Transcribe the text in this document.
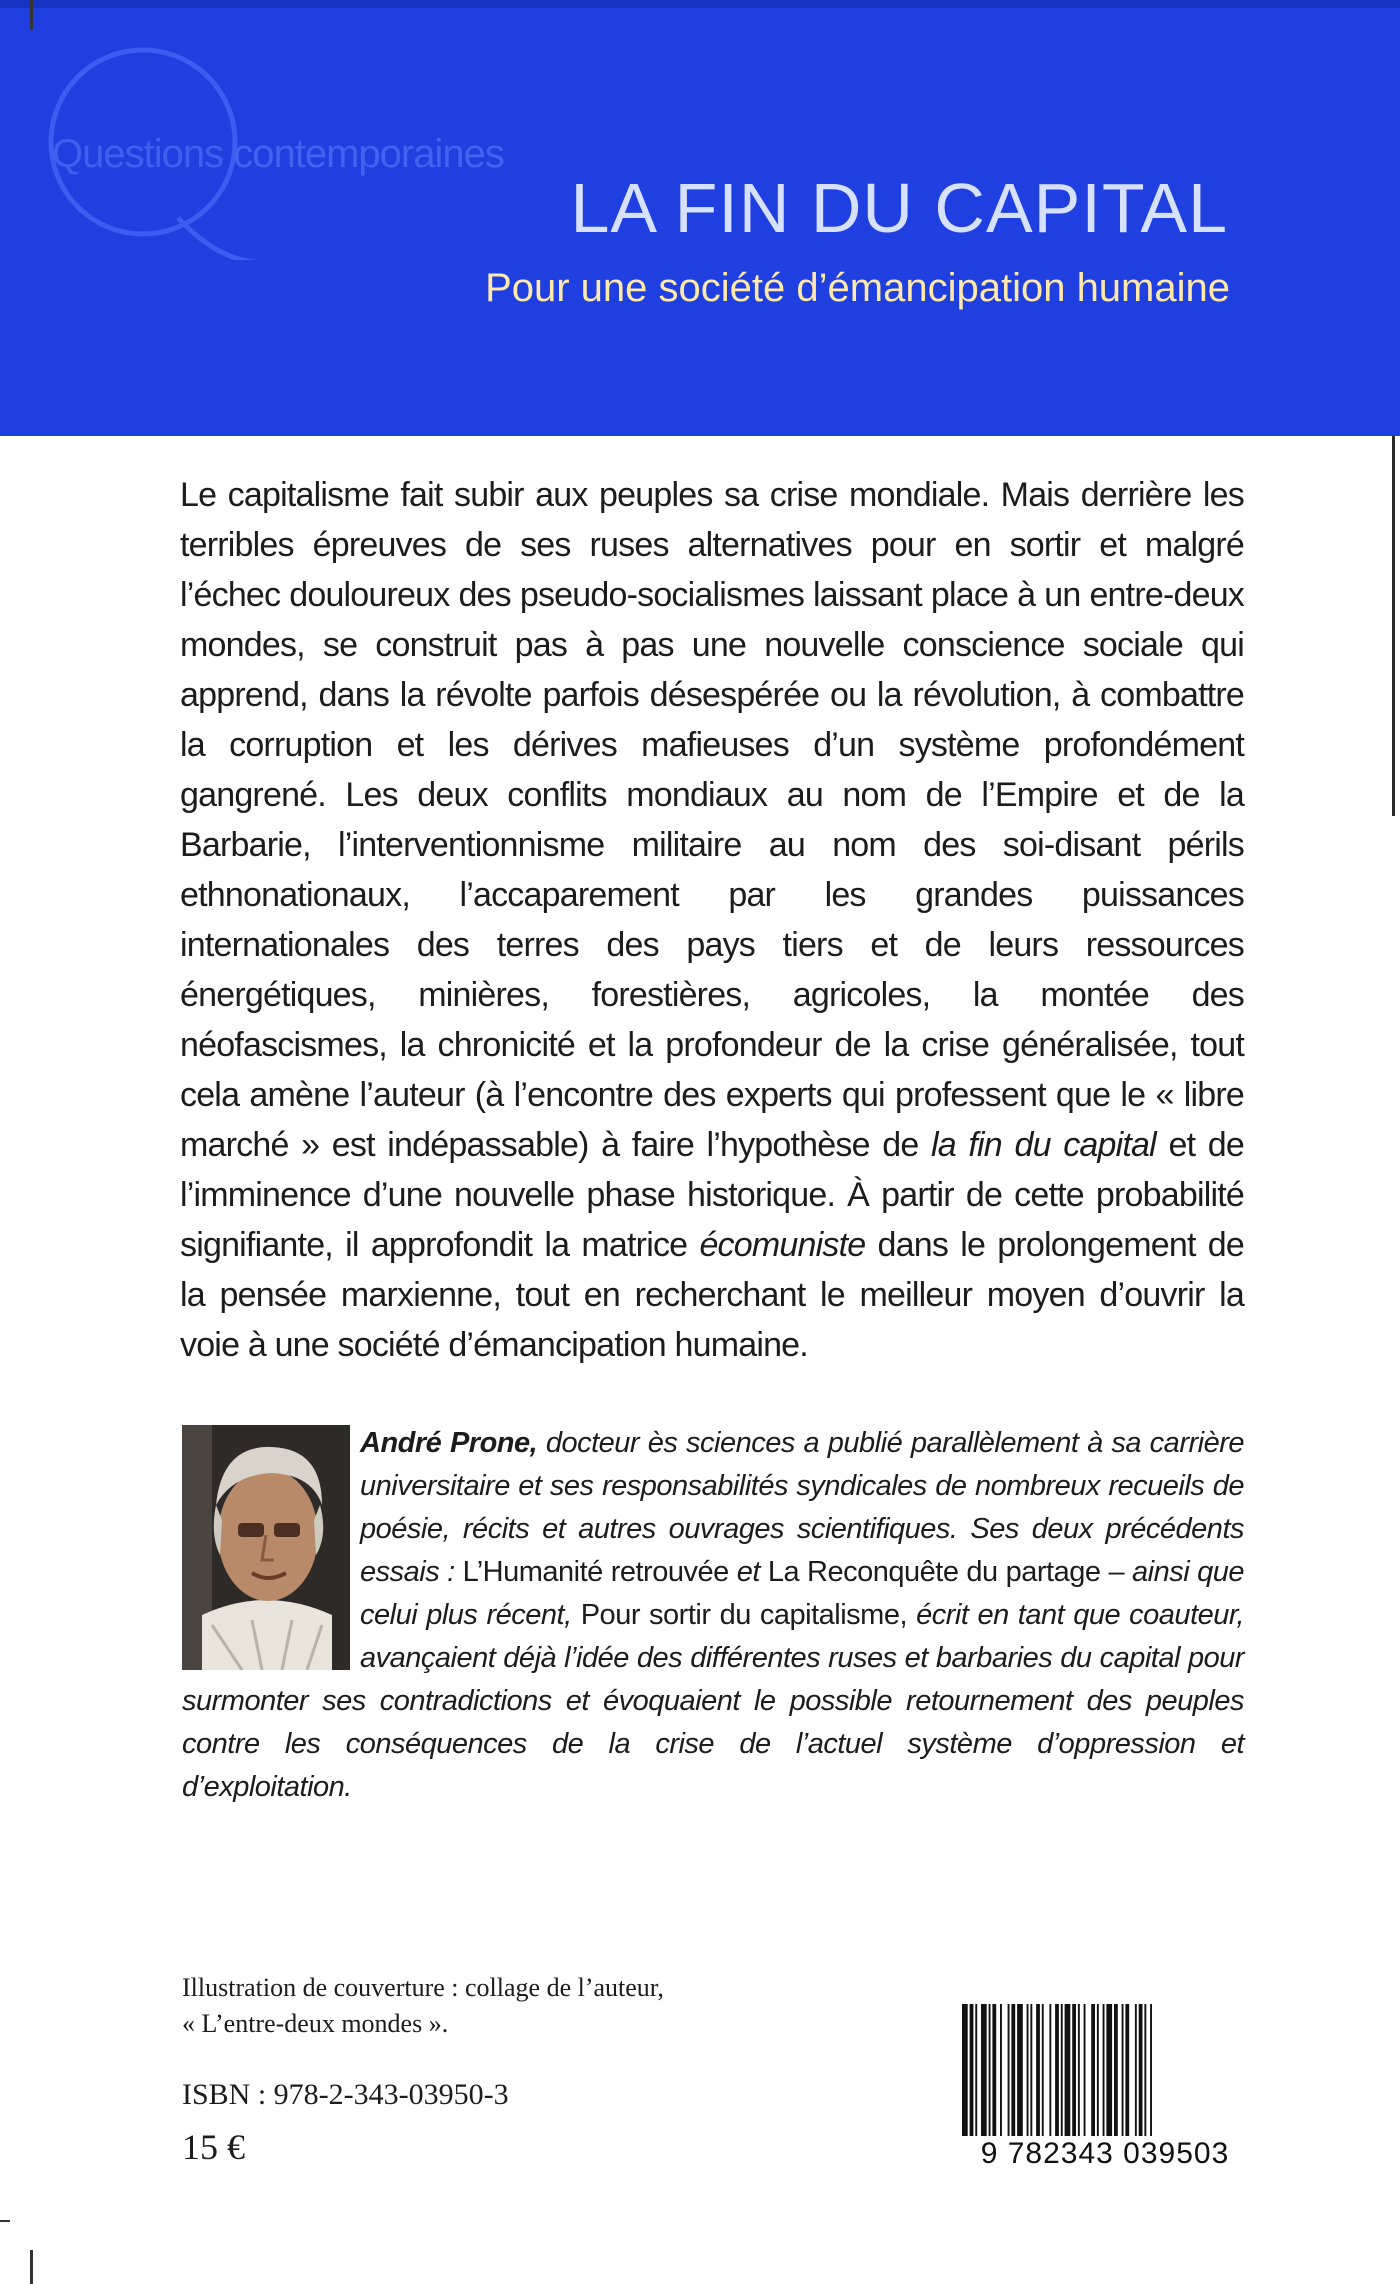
Questions contemporaines
LA FIN DU CAPITAL
Pour une société d’émancipation humaine

Le capitalisme fait subir aux peuples sa crise mondiale. Mais derrière les terribles épreuves de ses ruses alternatives pour en sortir et malgré l’échec douloureux des pseudo-socialismes laissant place à un entre-deux mondes, se construit pas à pas une nouvelle conscience sociale qui apprend, dans la révolte parfois désespérée ou la révolution, à combattre la corruption et les dérives mafieuses d’un système profondément gangrené. Les deux conflits mondiaux au nom de l’Empire et de la Barbarie, l’interventionnisme militaire au nom des soi-disant périls ethnonationaux, l’accaparement par les grandes puissances internationales des terres des pays tiers et de leurs ressources énergétiques, minières, forestières, agricoles, la montée des néofascismes, la chronicité et la profondeur de la crise généralisée, tout cela amène l’auteur (à l’encontre des experts qui professent que le « libre marché » est indépassable) à faire l’hypothèse de la fin du capital et de l’imminence d’une nouvelle phase historique. À partir de cette probabilité signifiante, il approfondit la matrice écomuniste dans le prolongement de la pensée marxienne, tout en recherchant le meilleur moyen d’ouvrir la voie à une société d’émancipation humaine.

André Prone, docteur ès sciences a publié parallèlement à sa carrière universitaire et ses responsabilités syndicales de nombreux recueils de poésie, récits et autres ouvrages scientifiques. Ses deux précédents essais : L’Humanité retrouvée et La Reconquête du partage – ainsi que celui plus récent, Pour sortir du capitalisme, écrit en tant que coauteur, avançaient déjà l’idée des différentes ruses et barbaries du capital pour surmonter ses contradictions et évoquaient le possible retournement des peuples contre les conséquences de la crise de l’actuel système d’oppression et d’exploitation.

Illustration de couverture : collage de l’auteur,
« L’entre-deux mondes ».
ISBN : 978-2-343-03950-3
15 €	9 782343 039503
